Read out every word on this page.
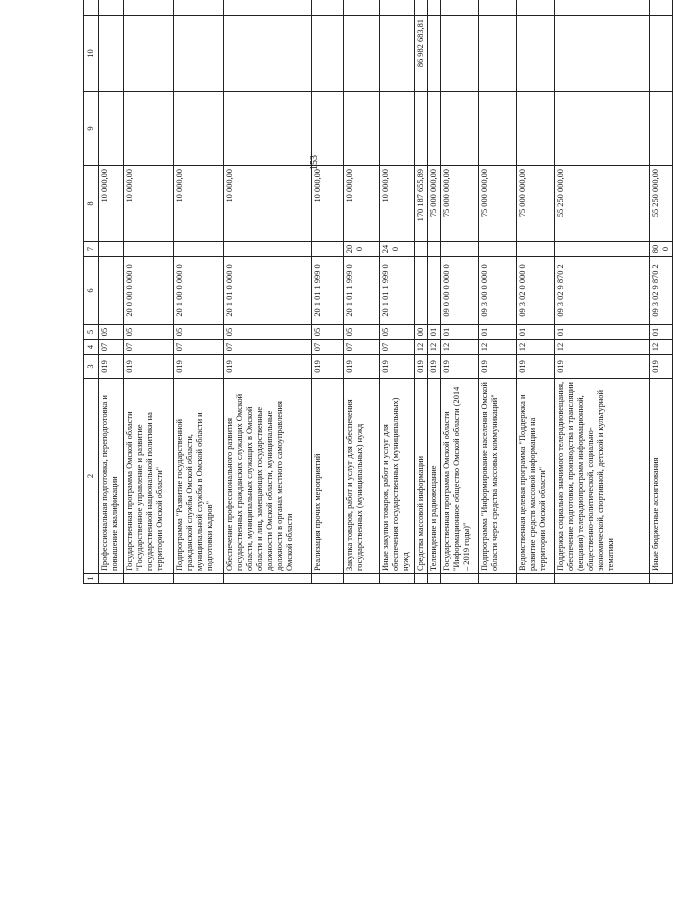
153
1	2	3	4	5	6	7	8	9	10			
	Профессиональная подготовка, переподготовка и повышение квалификации	019	07	05			10 000,00					
	Государственная программа Омской области "Государственное управление и развитие государственной национальной политики на территории Омской области"	019	07	05	20 0 00 0 000 0		10 000,00					
	Подпрограмма "Развитие государственной гражданской службы Омской области, муниципальной службы в Омской области и подготовки кадров"	019	07	05	20 1 00 0 000 0		10 000,00					
	Обеспечение профессионального развития государственных гражданских служащих Омской области, муниципальных служащих в Омской области и лиц, замещающих государственные должности Омской области, муниципальные должности в органах местного самоуправления Омской области	019	07	05	20 1 01 0 000 0		10 000,00					
	Реализация прочих мероприятий	019	07	05	20 1 01 1 999 0		10 000,00					
	Закупка товаров, работ и услуг для обеспечения государственных (муниципальных) нужд	019	07	05	20 1 01 1 999 0	200	10 000,00					
	Иные закупки товаров, работ и услуг для обеспечения государственных (муниципальных) нужд	019	07	05	20 1 01 1 999 0	240	10 000,00					
	Средства массовой информации	019	12	00			170 187 655,89		86 982 683,81			
	Телевидение и радиовещание	019	12	01			75 000 000,00					
	Государственная программа Омской области "Информационное общество Омской области (2014 – 2019 годы)"	019	12	01	09 0 00 0 000 0		75 000 000,00					
	Подпрограмма "Информирование населения Омской области через средства массовых коммуникаций"	019	12	01	09 3 00 0 000 0		75 000 000,00					
	Ведомственная целевая программа "Поддержка и развитие средств массовой информации на территории Омской области"	019	12	01	09 3 02 0 000 0		75 000 000,00					
	Поддержка социально значимого телерадиовещания, обеспечение подготовки, производства и трансляции (вещания) телерадиопрограмм информационной, общественно-политической, социально-экономической, спортивной, детской и культурной тематики	019	12	01	09 3 02 9 870 2		55 250 000,00					
	Иные бюджетные ассигнования	019	12	01	09 3 02 9 870 2	800	55 250 000,00					
